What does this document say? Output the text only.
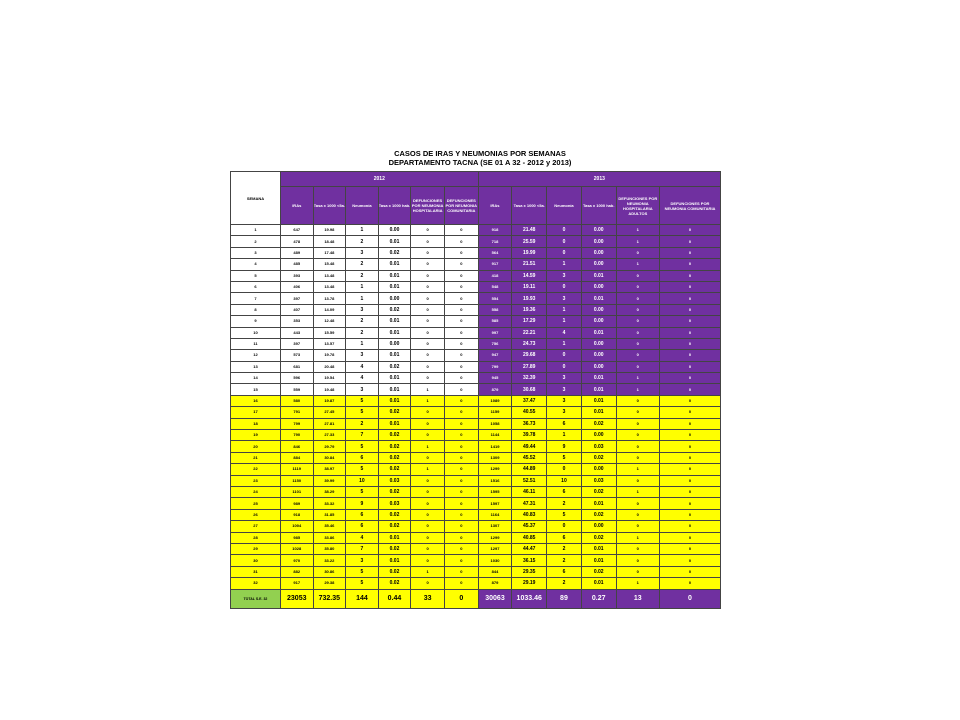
CASOS DE IRAS Y NEUMONIAS POR SEMANAS
DEPARTAMENTO TACNA (SE 01 A 32 - 2012 y 2013)
SEMANA	2012						2013					
	IRAs	Tasa x 1000 <5a.	Neumonía	Tasa x 1000 hab.	DEFUNCIONES POR NEUMONIA HOSPITALARIA	DEFUNCIONES POR NEUMONIA COMUNITARIA	IRAs	Tasa x 1000 <5a.	Neumonía	Tasa x 1000 hab.	DEFUNCIONES POR NEUMONIA HOSPITALARIA ADULTOS	DEFUNCIONES POR NEUMONIA COMUNITARIA
1	647	19.98	1	0.00	0	0	918	21.48	0	0.00	1	0
2	478	18.48	2	0.01	0	0	718	25.59	0	0.00	1	0
3	489	17.48	3	0.02	0	0	564	19.99	0	0.00	0	0
4	485	15.48	2	0.01	0	0	917	21.51	1	0.00	1	0
5	393	13.48	2	0.01	0	0	418	14.59	3	0.01	0	0
6	406	13.48	1	0.01	0	0	548	19.11	0	0.00	0	0
7	397	13.78	1	0.00	0	0	554	19.93	3	0.01	0	0
8	407	14.09	3	0.02	0	0	558	19.36	1	0.00	0	0
9	353	12.48	2	0.01	0	0	585	17.29	1	0.00	0	0
10	443	15.59	2	0.01	0	0	997	22.21	4	0.01	0	0
11	397	13.57	1	0.00	0	0	756	24.73	1	0.00	0	0
12	573	19.78	3	0.01	0	0	947	29.68	0	0.00	0	0
13	681	20.48	4	0.02	0	0	799	27.89	0	0.00	0	0
14	596	19.54	4	0.01	0	0	945	32.39	3	0.01	1	0
15	559	19.48	3	0.01	1	0	879	30.68	3	0.01	1	0
16	580	19.87	5	0.01	1	0	1089	37.47	3	0.01	0	0
17	791	27.45	5	0.02	0	0	1159	40.55	3	0.01	0	0
18	799	27.81	2	0.01	0	0	1058	36.73	6	0.02	0	0
19	790	27.33	7	0.02	0	0	1144	39.78	1	0.00	0	0
20	846	29.79	5	0.02	1	0	1419	49.44	9	0.03	0	0
21	884	30.84	6	0.02	0	0	1309	45.52	5	0.02	0	0
22	1119	38.97	5	0.02	1	0	1299	44.89	0	0.00	1	0
23	1150	39.99	10	0.03	0	0	1516	52.51	10	0.03	0	0
24	1101	38.29	5	0.02	0	0	1595	46.11	6	0.02	1	0
25	989	33.32	9	0.03	0	0	1597	47.31	2	0.01	0	0
26	918	31.85	6	0.02	0	0	1164	40.83	5	0.02	0	0
27	1004	35.46	6	0.02	0	0	1307	45.37	0	0.00	0	0
28	985	33.86	4	0.01	0	0	1299	40.85	6	0.02	1	0
29	1028	35.80	7	0.02	0	0	1297	44.47	2	0.01	0	0
30	970	33.22	3	0.01	0	0	1030	36.15	2	0.01	0	0
31	882	30.86	5	0.02	1	0	844	29.35	6	0.02	0	0
32	917	29.38	5	0.02	0	0	879	29.19	2	0.01	1	0
TOTAL S.E. 32	23053	732.35	144	0.44	33	0	30063	1033.46	89	0.27	13	0
